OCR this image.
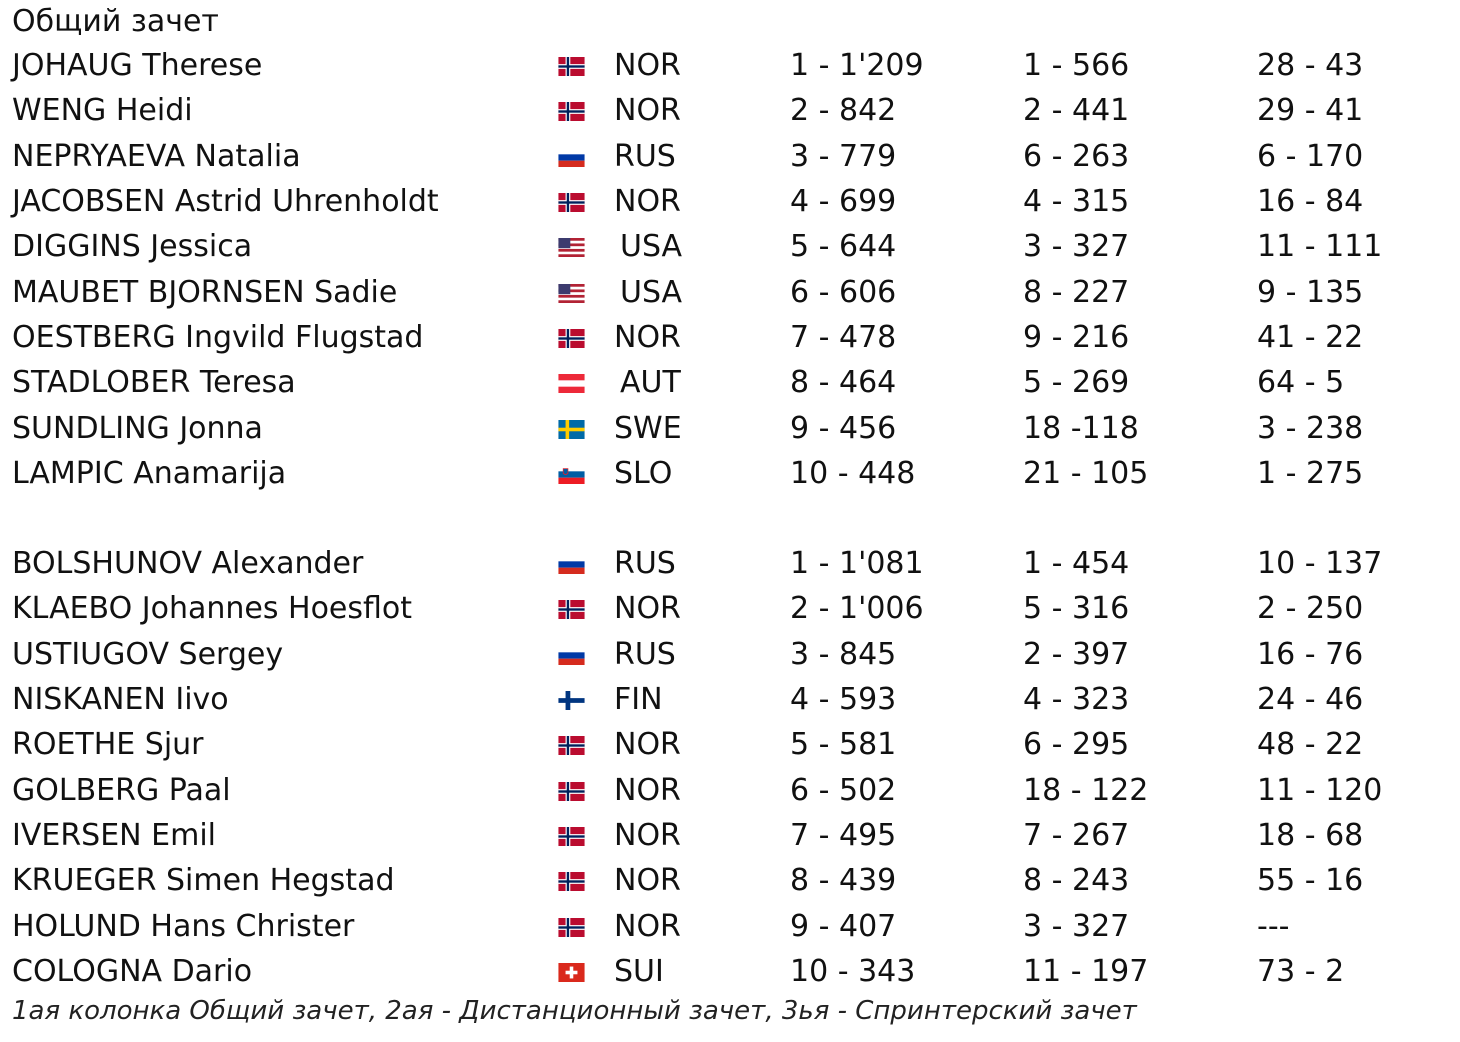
Общий зачет
JOHAUG Therese	NOR	1 - 1'209	1 - 566	28 - 43
WENG Heidi	NOR	2 - 842	2 - 441	29 - 41
NEPRYAEVA Natalia	RUS	3 - 779	6 - 263	6 - 170
JACOBSEN Astrid Uhrenholdt	NOR	4 - 699	4 - 315	16 - 84
DIGGINS Jessica	USA	5 - 644	3 - 327	11 - 111
MAUBET BJORNSEN Sadie	USA	6 - 606	8 - 227	9 - 135
OESTBERG Ingvild Flugstad	NOR	7 - 478	9 - 216	41 - 22
STADLOBER Teresa	AUT	8 - 464	5 - 269	64 - 5
SUNDLING Jonna	SWE	9 - 456	18 -118	3 - 238
LAMPIC Anamarija	SLO	10 - 448	21 - 105	1 - 275
BOLSHUNOV Alexander	RUS	1 - 1'081	1 - 454	10 - 137
KLAEBO Johannes Hoesflot	NOR	2 - 1'006	5 - 316	2 - 250
USTIUGOV Sergey	RUS	3 - 845	2 - 397	16 - 76
NISKANEN Iivo	FIN	4 - 593	4 - 323	24 - 46
ROETHE Sjur	NOR	5 - 581	6 - 295	48 - 22
GOLBERG Paal	NOR	6 - 502	18 - 122	11 - 120
IVERSEN Emil	NOR	7 - 495	7 - 267	18 - 68
KRUEGER Simen Hegstad	NOR	8 - 439	8 - 243	55 - 16
HOLUND Hans Christer	NOR	9 - 407	3 - 327	---
COLOGNA Dario	SUI	10 - 343	11 - 197	73 - 2
1ая колонка Общий зачет, 2ая - Дистанционный зачет, 3ья - Спринтерский зачет
